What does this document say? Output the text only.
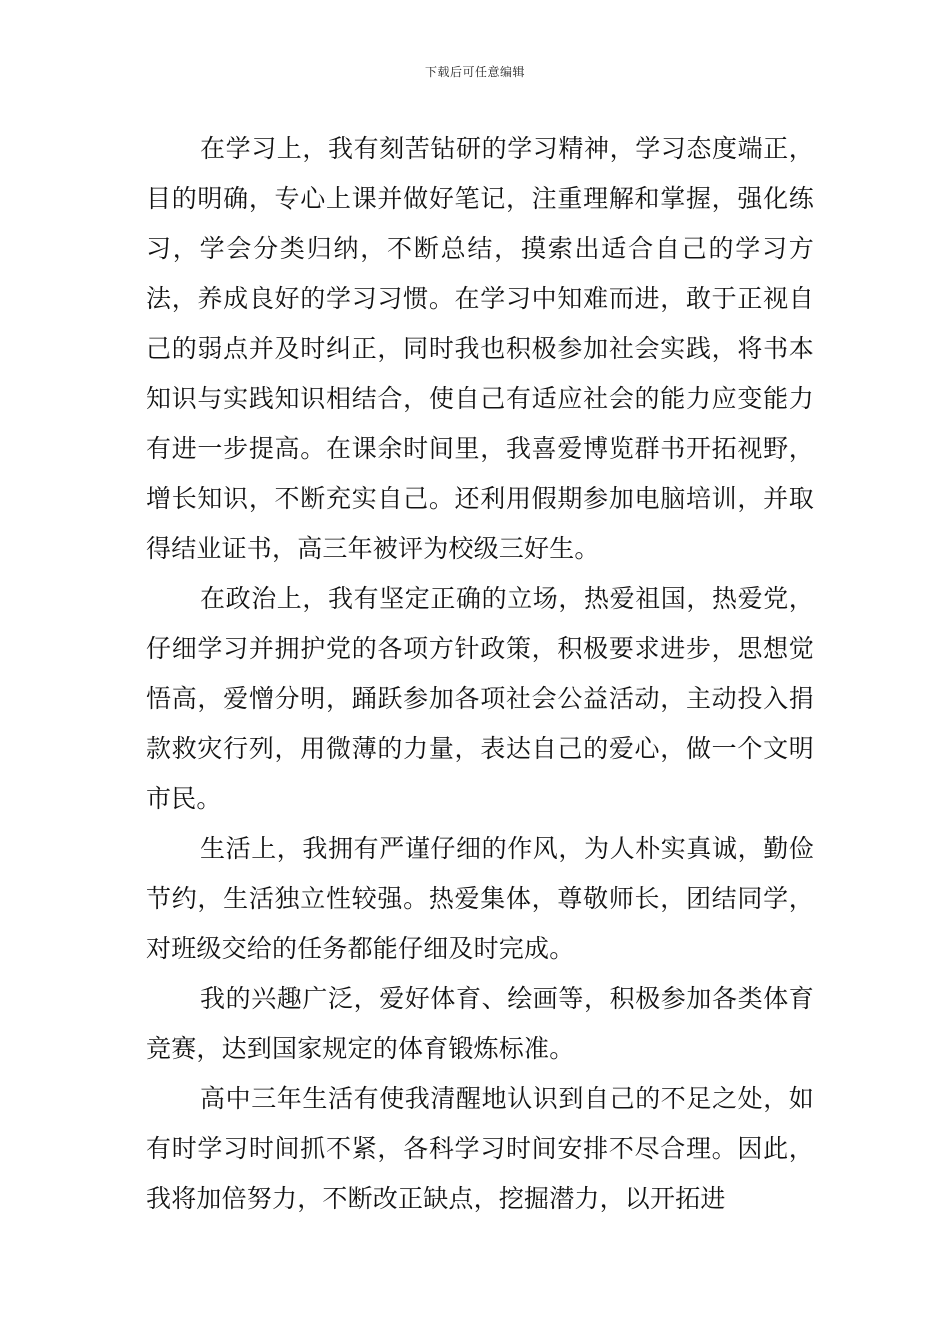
下载后可任意编辑

在学习上，我有刻苦钻研的学习精神，学习态度端正，目的明确，专心上课并做好笔记，注重理解和掌握，强化练习，学会分类归纳，不断总结，摸索出适合自己的学习方法，养成良好的学习习惯。在学习中知难而进，敢于正视自己的弱点并及时纠正，同时我也积极参加社会实践，将书本知识与实践知识相结合，使自己有适应社会的能力应变能力有进一步提高。在课余时间里，我喜爱博览群书开拓视野，增长知识，不断充实自己。还利用假期参加电脑培训，并取得结业证书，高三年被评为校级三好生。

在政治上，我有坚定正确的立场，热爱祖国，热爱党，仔细学习并拥护党的各项方针政策，积极要求进步，思想觉悟高，爱憎分明，踊跃参加各项社会公益活动，主动投入捐款救灾行列，用微薄的力量，表达自己的爱心，做一个文明市民。

生活上，我拥有严谨仔细的作风，为人朴实真诚，勤俭节约，生活独立性较强。热爱集体，尊敬师长，团结同学，对班级交给的任务都能仔细及时完成。

我的兴趣广泛，爱好体育、绘画等，积极参加各类体育竞赛，达到国家规定的体育锻炼标准。

高中三年生活有使我清醒地认识到自己的不足之处，如有时学习时间抓不紧，各科学习时间安排不尽合理。因此，我将加倍努力，不断改正缺点，挖掘潜力，以开拓进
